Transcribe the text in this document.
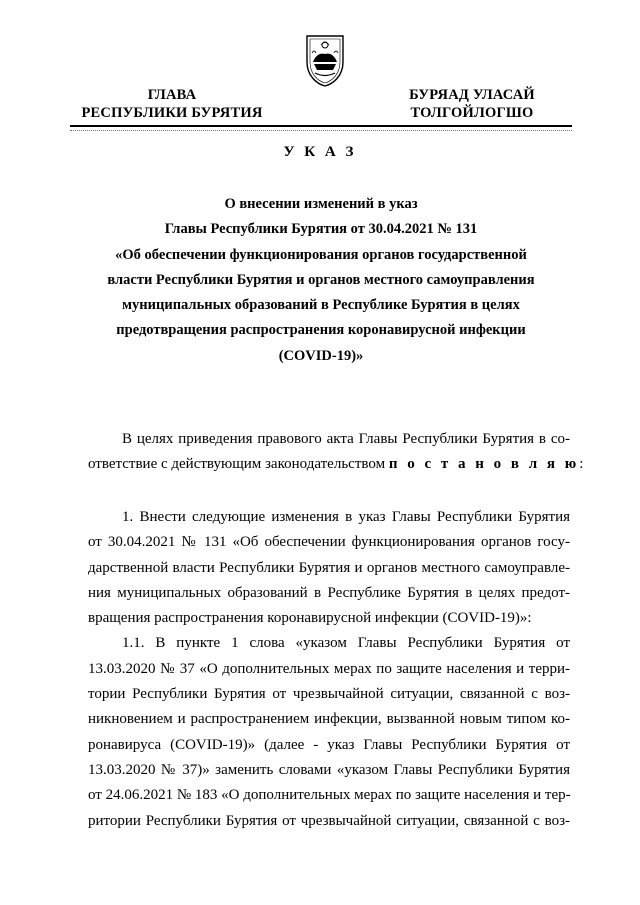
ГЛАВА
РЕСПУБЛИКИ БУРЯТИЯ
БУРЯАД УЛАСАЙ
ТОЛГОЙЛОГШО
У К А З
О внесении изменений в указ
Главы Республики Бурятия от 30.04.2021 № 131
«Об обеспечении функционирования органов государственной
власти Республики Бурятия и органов местного самоуправления
муниципальных образований в Республике Бурятия в целях
предотвращения распространения коронавирусной инфекции
(COVID-19)»
В целях приведения правового акта Главы Республики Бурятия в со-
ответствие с действующим законодательством п о с т а н о в л я ю:
1. Внести следующие изменения в указ Главы Республики Бурятия
от 30.04.2021 № 131 «Об обеспечении функционирования органов госу-
дарственной власти Республики Бурятия и органов местного самоуправле-
ния муниципальных образований в Республике Бурятия в целях предот-
вращения распространения коронавирусной инфекции (COVID-19)»:
1.1. В пункте 1 слова «указом Главы Республики Бурятия от
13.03.2020 № 37 «О дополнительных мерах по защите населения и терри-
тории Республики Бурятия от чрезвычайной ситуации, связанной с воз-
никновением и распространением инфекции, вызванной новым типом ко-
ронавируса (COVID-19)» (далее - указ Главы Республики Бурятия от
13.03.2020 № 37)» заменить словами «указом Главы Республики Бурятия
от 24.06.2021 № 183 «О дополнительных мерах по защите населения и тер-
ритории Республики Бурятия от чрезвычайной ситуации, связанной с воз-
